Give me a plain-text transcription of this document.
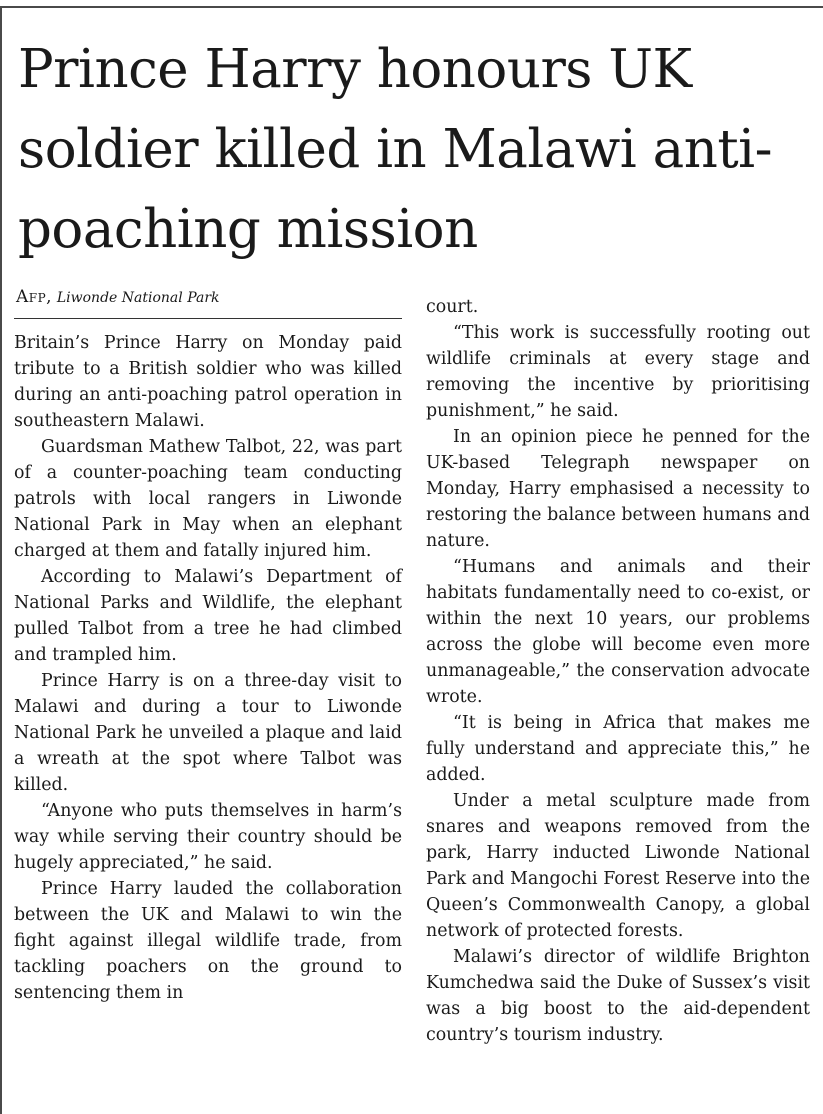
Prince Harry honours UK soldier killed in Malawi anti-poaching mission
Afp, Liwonde National Park

Britain’s Prince Harry on Monday paid tribute to a British soldier who was killed during an anti-poaching patrol operation in southeastern Malawi.

Guardsman Mathew Talbot, 22, was part of a counter-poaching team conducting patrols with local rangers in Liwonde National Park in May when an elephant charged at them and fatally injured him.

According to Malawi’s Department of National Parks and Wildlife, the elephant pulled Talbot from a tree he had climbed and trampled him.

Prince Harry is on a three-day visit to Malawi and during a tour to Liwonde National Park he unveiled a plaque and laid a wreath at the spot where Talbot was killed.

“Anyone who puts themselves in harm’s way while serving their country should be hugely appreciated,” he said.

Prince Harry lauded the collaboration between the UK and Malawi to win the fight against illegal wildlife trade, from tackling poachers on the ground to sentencing them in

court.

“This work is successfully rooting out wildlife criminals at every stage and removing the incentive by prioritising punishment,” he said.

In an opinion piece he penned for the UK-based Telegraph newspaper on Monday, Harry emphasised a necessity to restoring the balance between humans and nature.

“Humans and animals and their habitats fundamentally need to co-exist, or within the next 10 years, our problems across the globe will become even more unmanageable,” the conservation advocate wrote.

“It is being in Africa that makes me fully understand and appreciate this,” he added.

Under a metal sculpture made from snares and weapons removed from the park, Harry inducted Liwonde National Park and Mangochi Forest Reserve into the Queen’s Commonwealth Canopy, a global network of protected forests.

Malawi’s director of wildlife Brighton Kumchedwa said the Duke of Sussex’s visit was a big boost to the aid-dependent country’s tourism industry.
